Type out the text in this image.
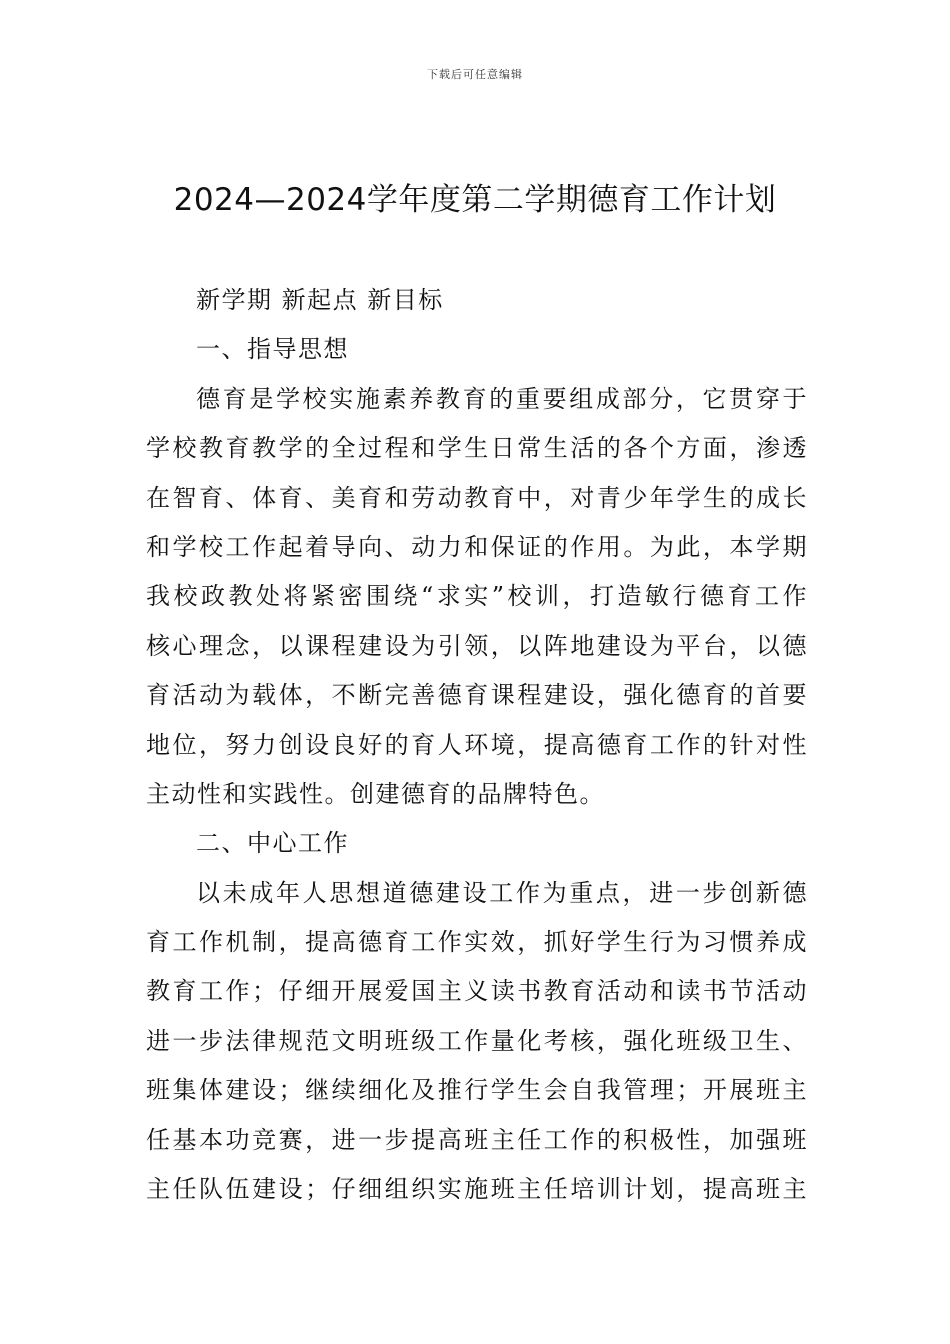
下载后可任意编辑
2024—2024学年度第二学期德育工作计划
新学期 新起点 新目标
一、指导思想
德育是学校实施素养教育的重要组成部分，它贯穿于
学校教育教学的全过程和学生日常生活的各个方面，渗透
在智育、体育、美育和劳动教育中，对青少年学生的成长
和学校工作起着导向、动力和保证的作用。为此，本学期
我校政教处将紧密围绕“求实”校训，打造敏行德育工作
核心理念，以课程建设为引领，以阵地建设为平台，以德
育活动为载体，不断完善德育课程建设，强化德育的首要
地位，努力创设良好的育人环境，提高德育工作的针对性
主动性和实践性。创建德育的品牌特色。
二、中心工作
以未成年人思想道德建设工作为重点，进一步创新德
育工作机制，提高德育工作实效，抓好学生行为习惯养成
教育工作；仔细开展爱国主义读书教育活动和读书节活动
进一步法律规范文明班级工作量化考核，强化班级卫生、
班集体建设；继续细化及推行学生会自我管理；开展班主
任基本功竞赛，进一步提高班主任工作的积极性，加强班
主任队伍建设；仔细组织实施班主任培训计划，提高班主
